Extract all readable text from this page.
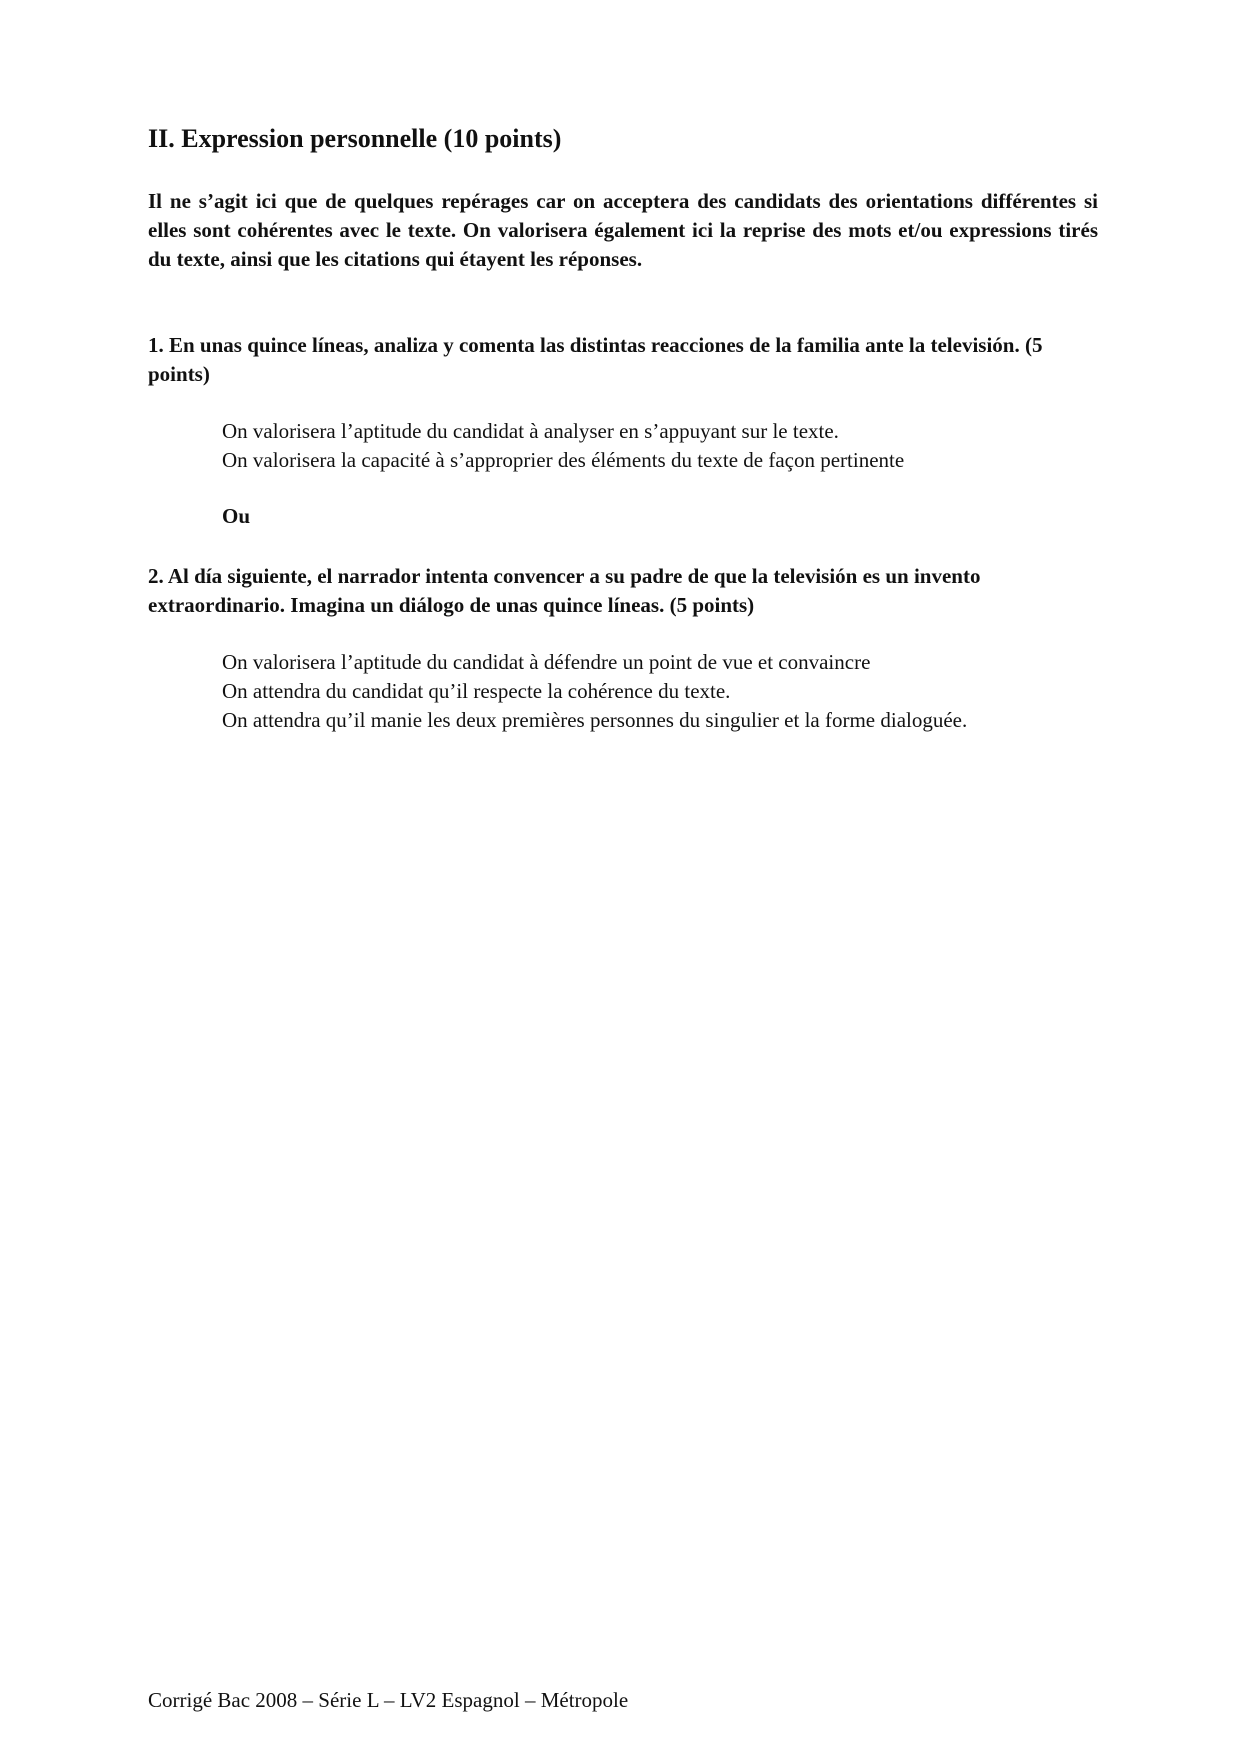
II. Expression personnelle (10 points)

Il ne s’agit ici que de quelques repérages car on acceptera des candidats des orientations différentes si elles sont cohérentes avec le texte. On valorisera également ici la reprise des mots et/ou expressions tirés du texte, ainsi que les citations qui étayent les réponses.

1. En unas quince líneas, analiza y comenta las distintas reacciones de la familia ante la televisión. (5 points)

On valorisera l’aptitude du candidat à analyser en s’appuyant sur le texte.
On valorisera la capacité à s’approprier des éléments du texte de façon pertinente

Ou

2. Al día siguiente, el narrador intenta convencer a su padre de que la televisión es un invento extraordinario. Imagina un diálogo de unas quince líneas. (5 points)

On valorisera l’aptitude du candidat à défendre un point de vue et convaincre
On attendra du candidat qu’il respecte la cohérence du texte.
On attendra qu’il manie les deux premières personnes du singulier et la forme dialoguée.

Corrigé Bac 2008 – Série L – LV2 Espagnol – Métropole
